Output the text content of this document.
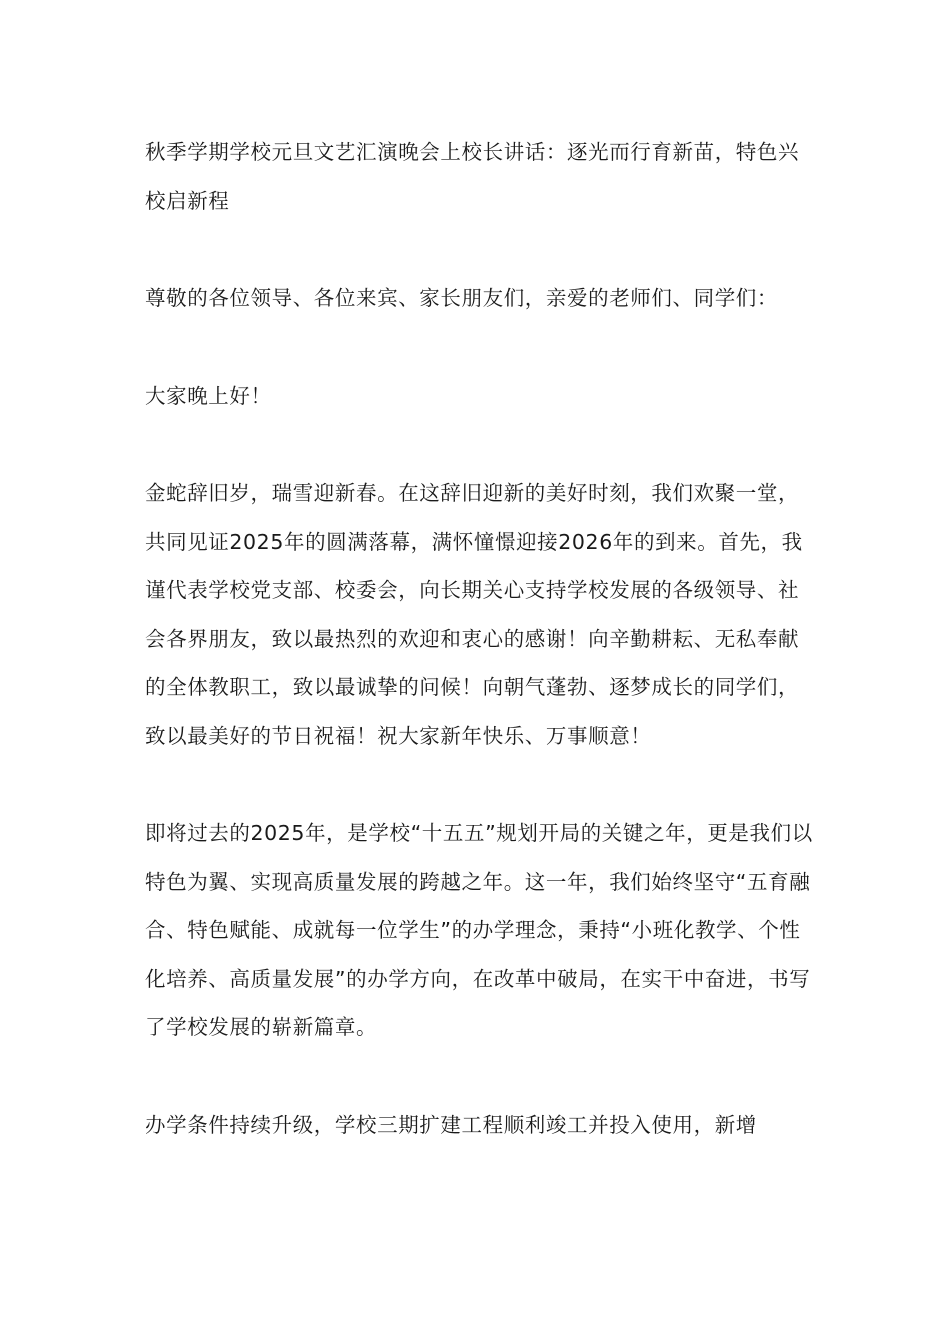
秋季学期学校元旦文艺汇演晚会上校长讲话：逐光而行育新苗，特色兴校启新程

尊敬的各位领导、各位来宾、家长朋友们，亲爱的老师们、同学们：

大家晚上好！

金蛇辞旧岁，瑞雪迎新春。在这辞旧迎新的美好时刻，我们欢聚一堂，共同见证2025年的圆满落幕，满怀憧憬迎接2026年的到来。首先，我谨代表学校党支部、校委会，向长期关心支持学校发展的各级领导、社会各界朋友，致以最热烈的欢迎和衷心的感谢！向辛勤耕耘、无私奉献的全体教职工，致以最诚挚的问候！向朝气蓬勃、逐梦成长的同学们，致以最美好的节日祝福！祝大家新年快乐、万事顺意！

即将过去的2025年，是学校“十五五”规划开局的关键之年，更是我们以特色为翼、实现高质量发展的跨越之年。这一年，我们始终坚守“五育融合、特色赋能、成就每一位学生”的办学理念，秉持“小班化教学、个性化培养、高质量发展”的办学方向，在改革中破局，在实干中奋进，书写了学校发展的崭新篇章。

办学条件持续升级，学校三期扩建工程顺利竣工并投入使用，新增
